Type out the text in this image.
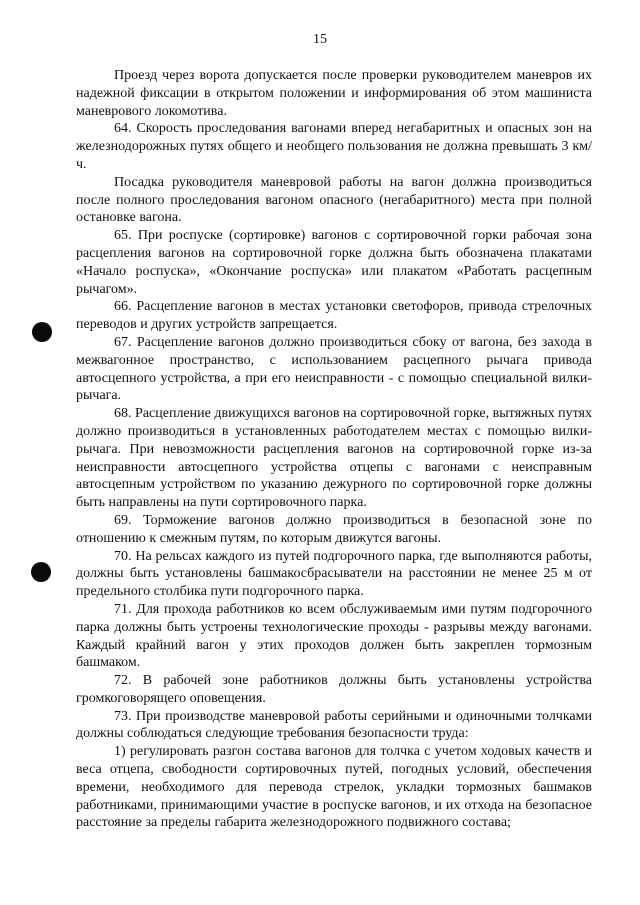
15

Проезд через ворота допускается после проверки руководителем маневров их надежной фиксации в открытом положении и информирования об этом машиниста маневрового локомотива.

64. Скорость проследования вагонами вперед негабаритных и опасных зон на железнодорожных путях общего и необщего пользования не должна превышать 3 км/ч.

Посадка руководителя маневровой работы на вагон должна производиться после полного проследования вагоном опасного (негабаритного) места при полной остановке вагона.

65. При роспуске (сортировке) вагонов с сортировочной горки рабочая зона расцепления вагонов на сортировочной горке должна быть обозначена плакатами «Начало роспуска», «Окончание роспуска» или плакатом «Работать расцепным рычагом».

66. Расцепление вагонов в местах установки светофоров, привода стрелочных переводов и других устройств запрещается.

67. Расцепление вагонов должно производиться сбоку от вагона, без захода в межвагонное пространство, с использованием расцепного рычага привода автосцепного устройства, а при его неисправности - с помощью специальной вилки-рычага.

68. Расцепление движущихся вагонов на сортировочной горке, вытяжных путях должно производиться в установленных работодателем местах с помощью вилки-рычага. При невозможности расцепления вагонов на сортировочной горке из-за неисправности автосцепного устройства отцепы с вагонами с неисправным автосцепным устройством по указанию дежурного по сортировочной горке должны быть направлены на пути сортировочного парка.

69. Торможение вагонов должно производиться в безопасной зоне по отношению к смежным путям, по которым движутся вагоны.

70. На рельсах каждого из путей подгорочного парка, где выполняются работы, должны быть установлены башмакосбрасыватели на расстоянии не менее 25 м от предельного столбика пути подгорочного парка.

71. Для прохода работников ко всем обслуживаемым ими путям подгорочного парка должны быть устроены технологические проходы - разрывы между вагонами. Каждый крайний вагон у этих проходов должен быть закреплен тормозным башмаком.

72. В рабочей зоне работников должны быть установлены устройства громкоговорящего оповещения.

73. При производстве маневровой работы серийными и одиночными толчками должны соблюдаться следующие требования безопасности труда:

1) регулировать разгон состава вагонов для толчка с учетом ходовых качеств и веса отцепа, свободности сортировочных путей, погодных условий, обеспечения времени, необходимого для перевода стрелок, укладки тормозных башмаков работниками, принимающими участие в роспуске вагонов, и их отхода на безопасное расстояние за пределы габарита железнодорожного подвижного состава;
